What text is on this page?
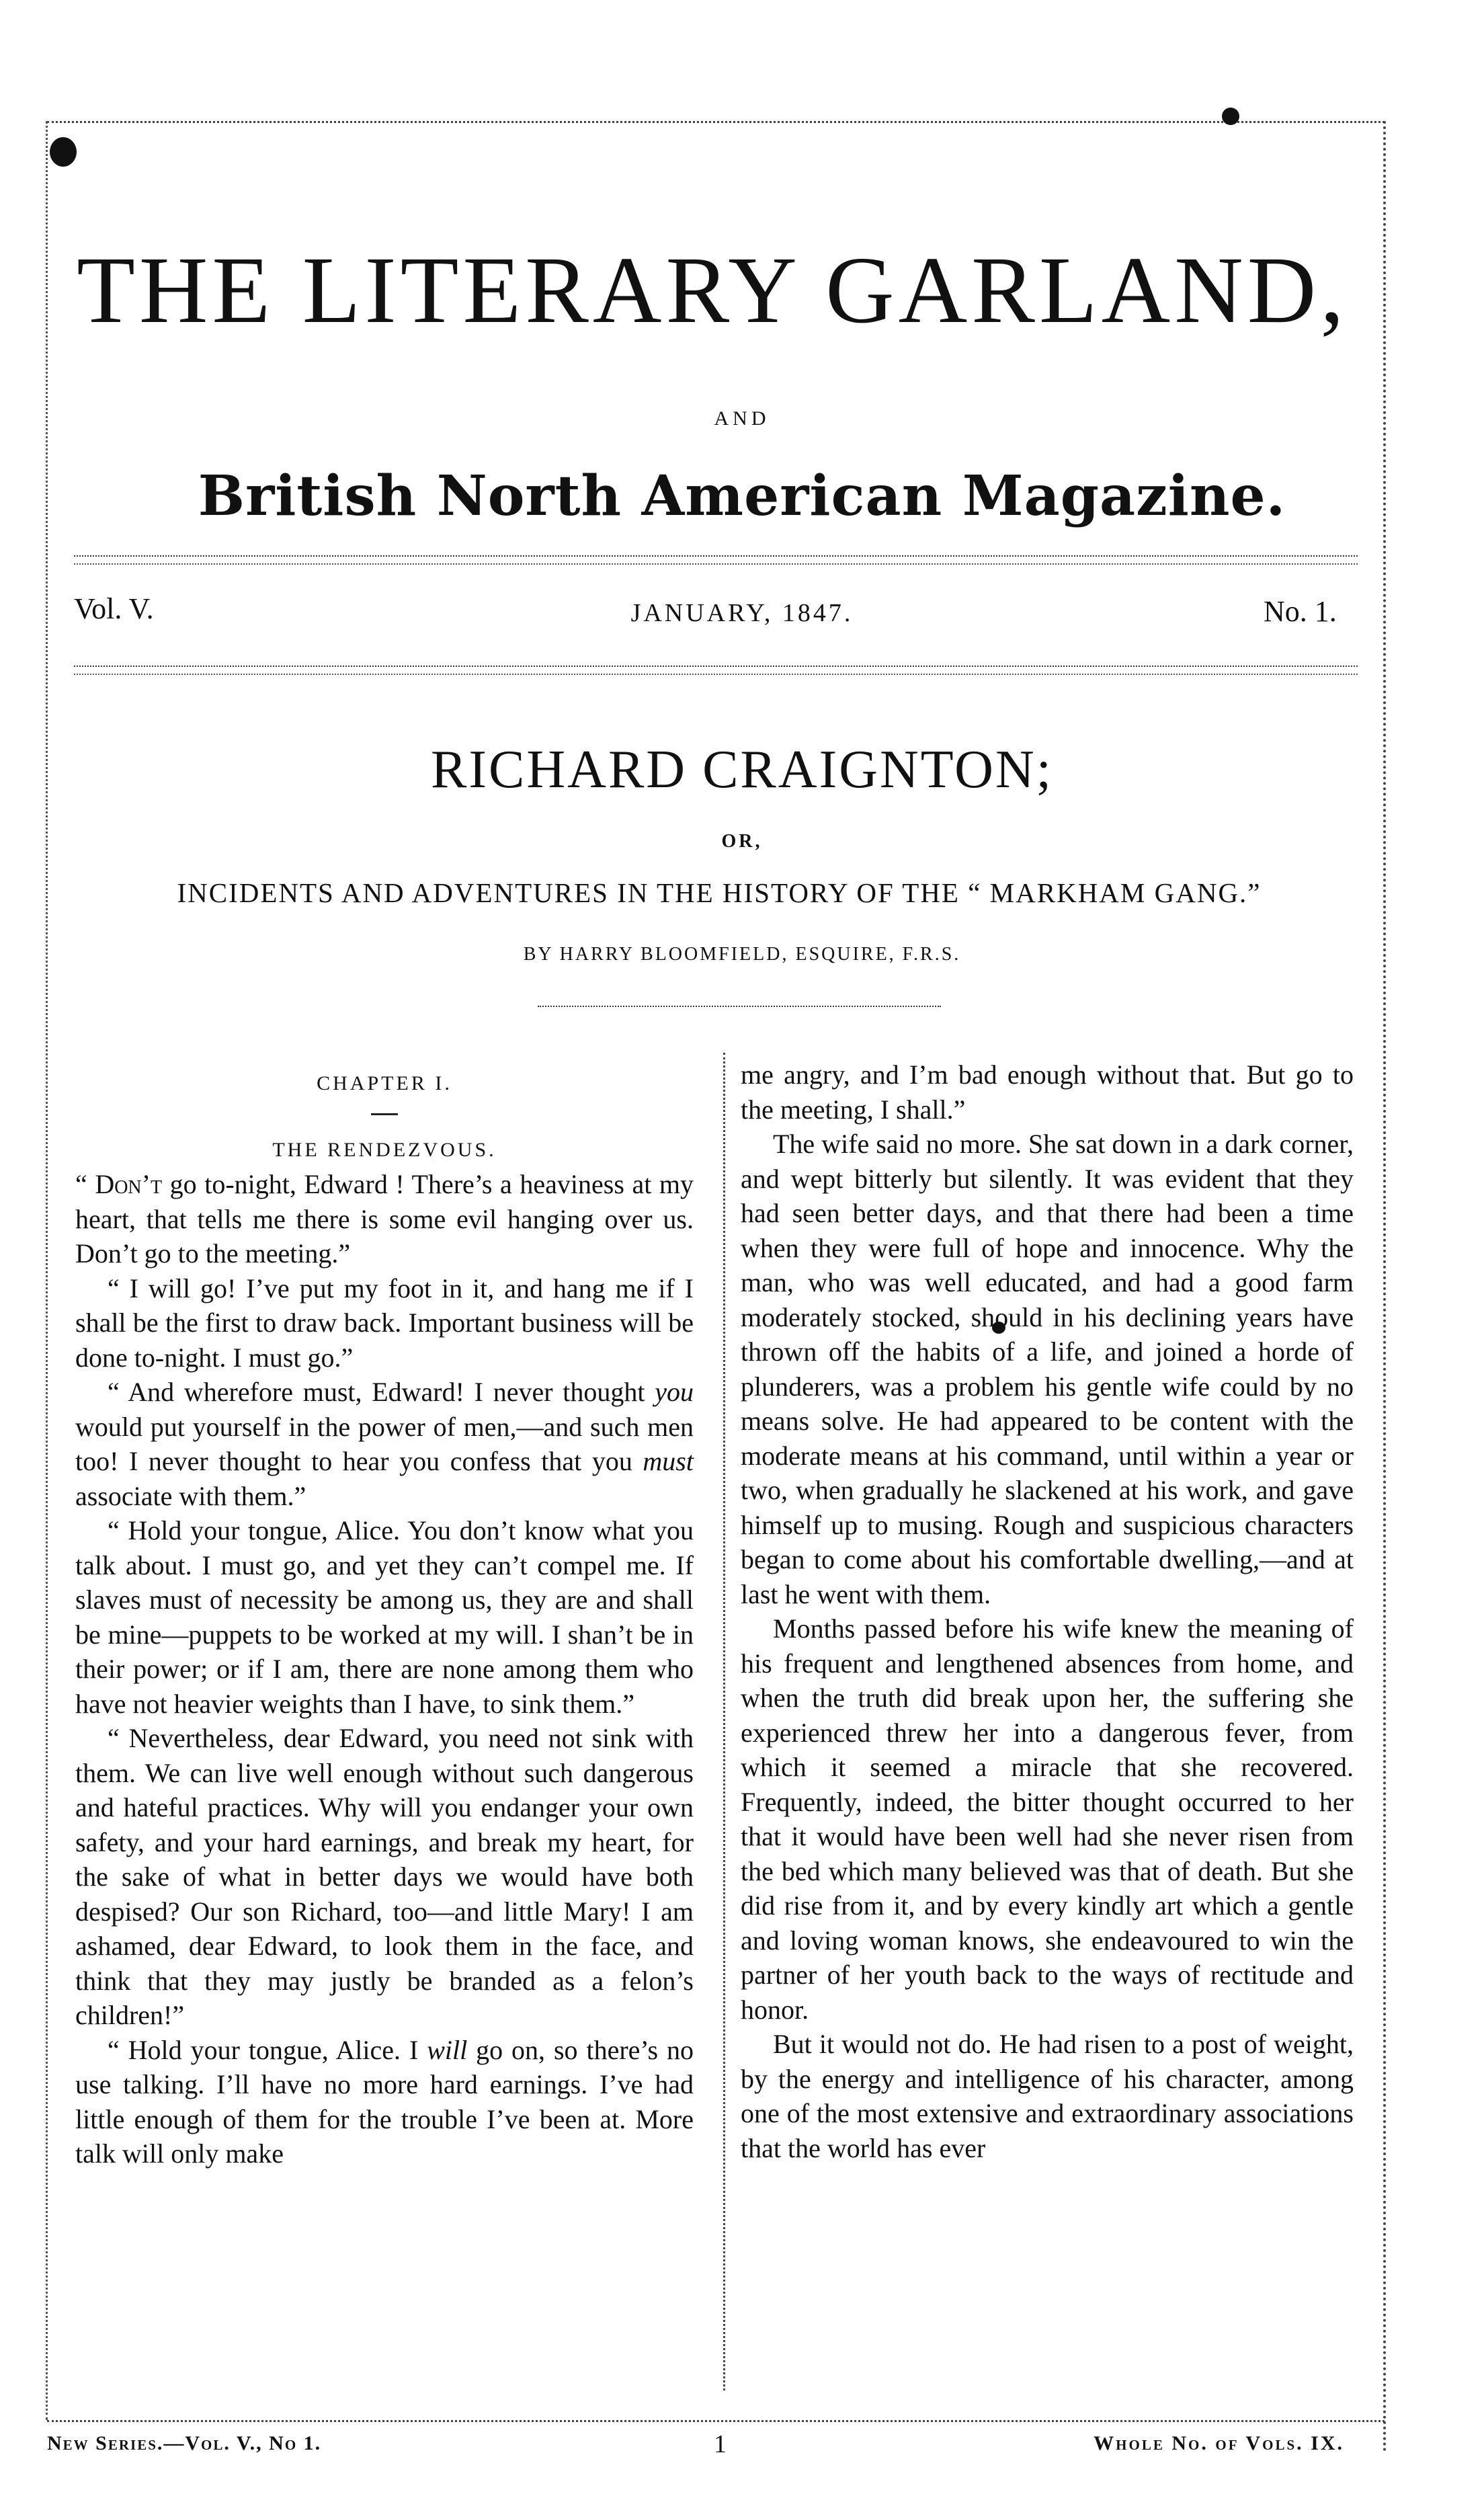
THE LITERARY GARLAND,
AND
British North American Magazine.
Vol. V.	JANUARY, 1847.	No. 1.
RICHARD CRAIGNTON;
OR,
INCIDENTS AND ADVENTURES IN THE HISTORY OF THE “ MARKHAM GANG.”
BY HARRY BLOOMFIELD, ESQUIRE, F.R.S.

CHAPTER I.

THE RENDEZVOUS.

“ Don’t go to-night, Edward ! There’s a heaviness at my heart, that tells me there is some evil hanging over us. Don’t go to the meeting.”

“ I will go! I’ve put my foot in it, and hang me if I shall be the first to draw back. Important business will be done to-night. I must go.”

“ And wherefore must, Edward! I never thought you would put yourself in the power of men,—and such men too! I never thought to hear you confess that you must associate with them.”

“ Hold your tongue, Alice. You don’t know what you talk about. I must go, and yet they can’t compel me. If slaves must of necessity be among us, they are and shall be mine—puppets to be worked at my will. I shan’t be in their power; or if I am, there are none among them who have not heavier weights than I have, to sink them.”

“ Nevertheless, dear Edward, you need not sink with them. We can live well enough without such dangerous and hateful practices. Why will you endanger your own safety, and your hard earnings, and break my heart, for the sake of what in better days we would have both despised? Our son Richard, too—and little Mary! I am ashamed, dear Edward, to look them in the face, and think that they may justly be branded as a felon’s children!”

“ Hold your tongue, Alice. I will go on, so there’s no use talking. I’ll have no more hard earnings. I’ve had little enough of them for the trouble I’ve been at. More talk will only make

me angry, and I’m bad enough without that. But go to the meeting, I shall.”

The wife said no more. She sat down in a dark corner, and wept bitterly but silently. It was evident that they had seen better days, and that there had been a time when they were full of hope and innocence. Why the man, who was well educated, and had a good farm moderately stocked, should in his declining years have thrown off the habits of a life, and joined a horde of plunderers, was a problem his gentle wife could by no means solve. He had appeared to be content with the moderate means at his command, until within a year or two, when gradually he slackened at his work, and gave himself up to musing. Rough and suspicious characters began to come about his comfortable dwelling,—and at last he went with them.

Months passed before his wife knew the meaning of his frequent and lengthened absences from home, and when the truth did break upon her, the suffering she experienced threw her into a dangerous fever, from which it seemed a miracle that she recovered. Frequently, indeed, the bitter thought occurred to her that it would have been well had she never risen from the bed which many believed was that of death. But she did rise from it, and by every kindly art which a gentle and loving woman knows, she endeavoured to win the partner of her youth back to the ways of rectitude and honor.

But it would not do. He had risen to a post of weight, by the energy and intelligence of his character, among one of the most extensive and extraordinary associations that the world has ever

New Series.—Vol. V., No 1.	1	Whole No. of Vols. IX.
